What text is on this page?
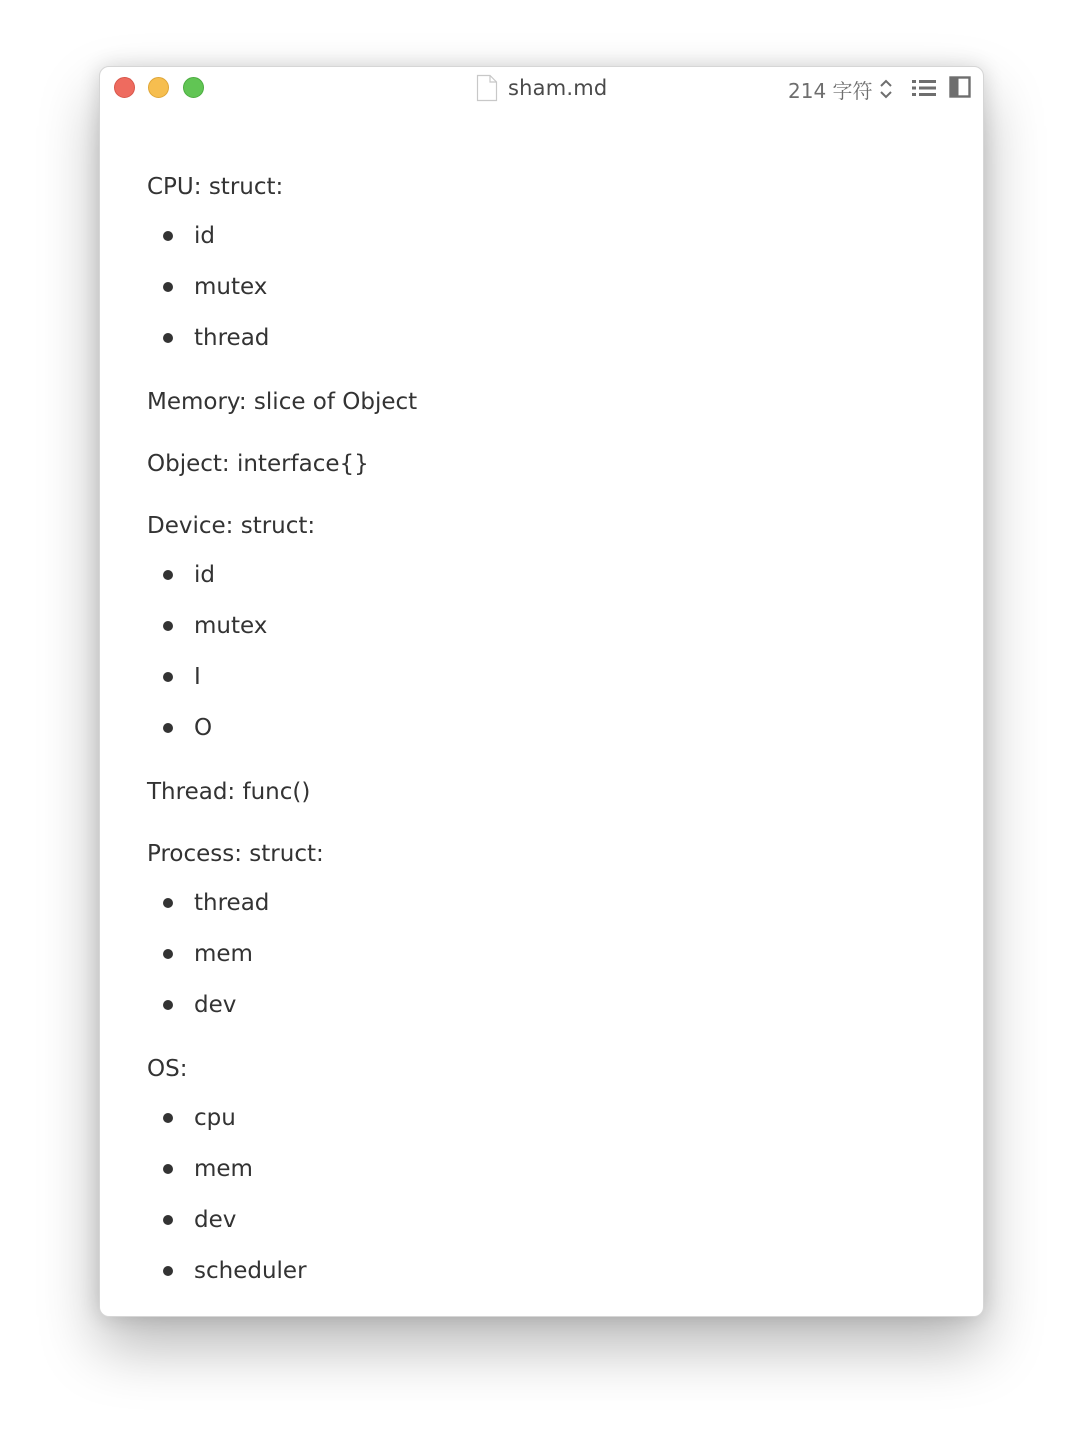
sham.md	214 字符

CPU: struct:

id
mutex
thread

Memory: slice of Object

Object: interface{}

Device: struct:

id
mutex
I
O

Thread: func()

Process: struct:

thread
mem
dev

OS:

cpu
mem
dev
scheduler
